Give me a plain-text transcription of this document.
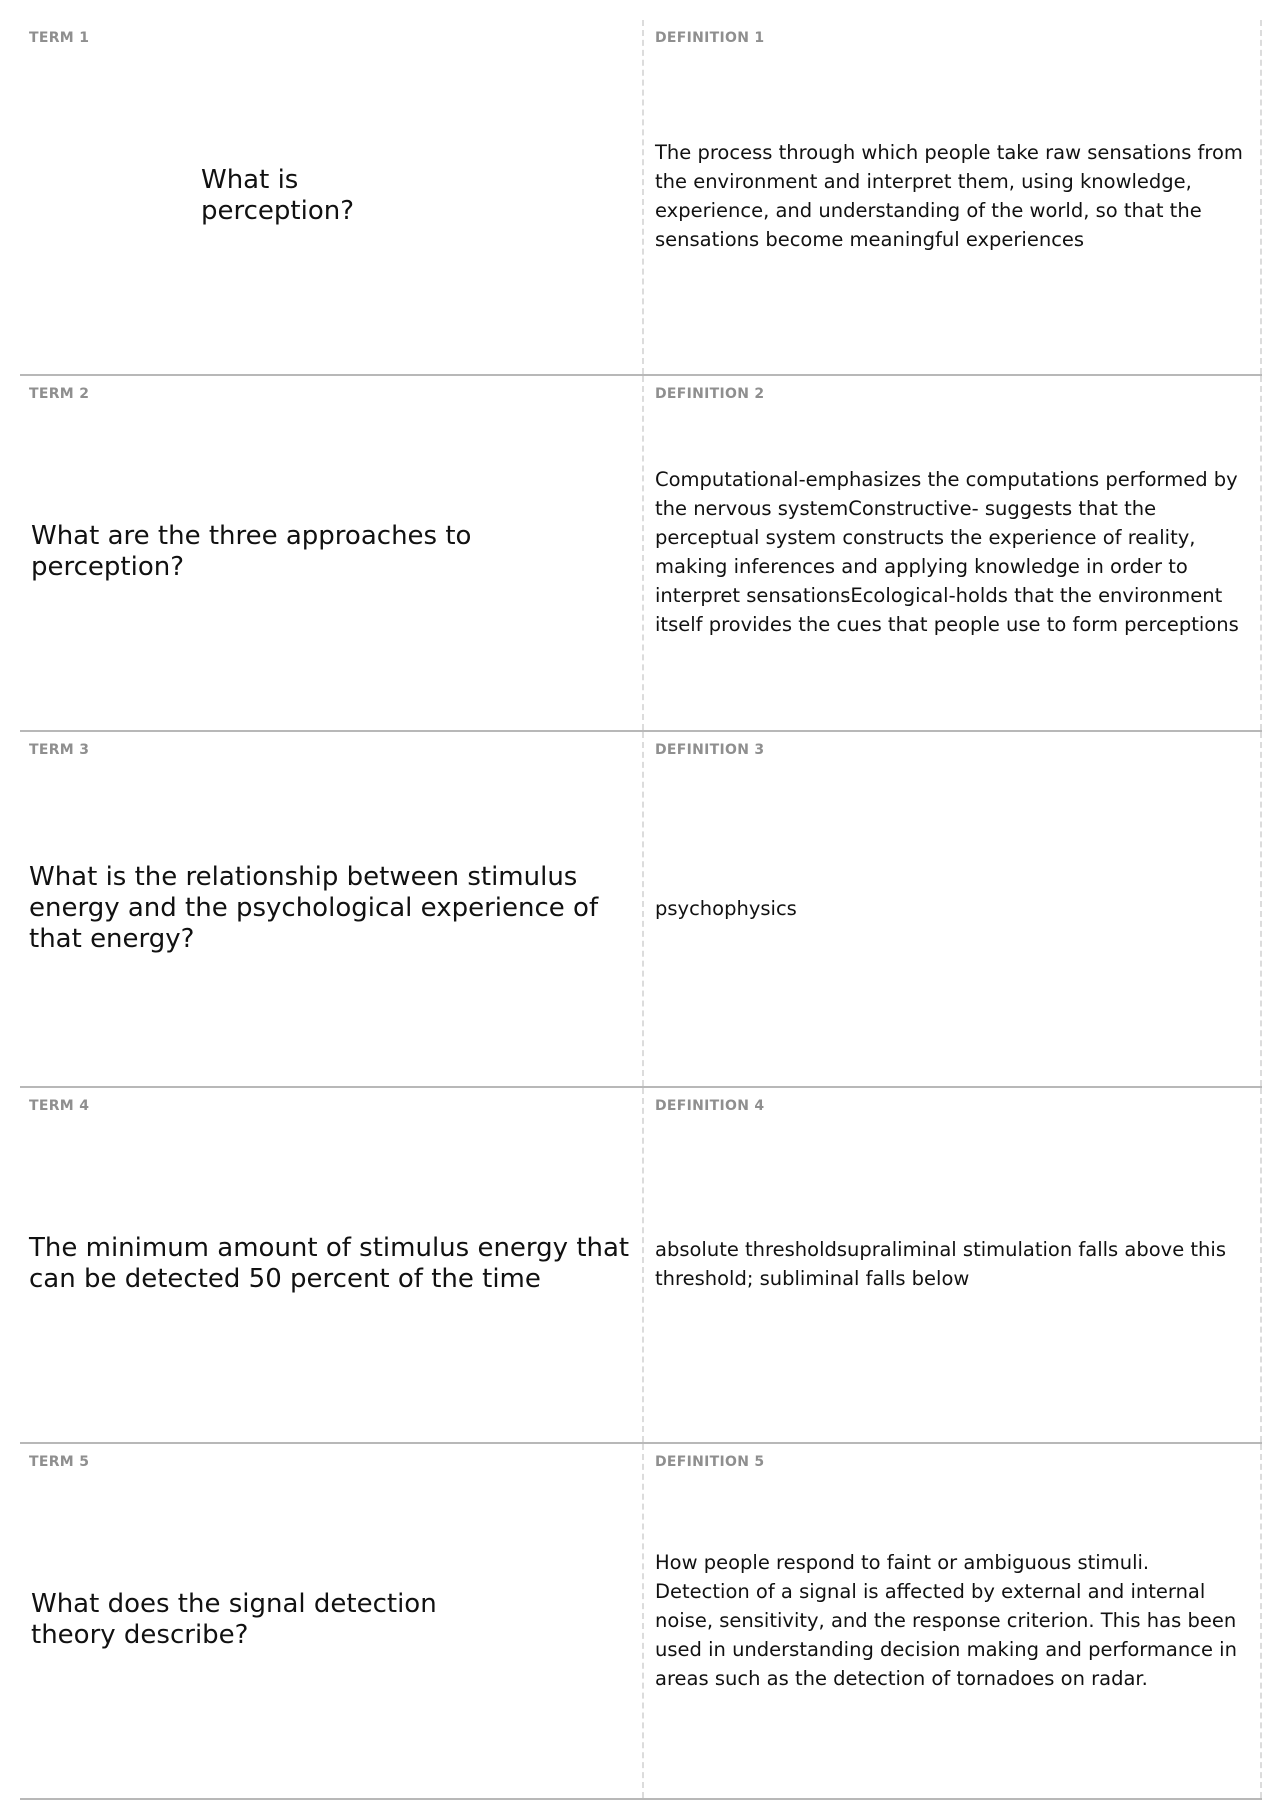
TERM 1
What is perception?
DEFINITION 1
The process through which people take raw sensations from the environment and interpret them, using knowledge, experience, and understanding of the world, so that the sensations become meaningful experiences
TERM 2
What are the three approaches to perception?
DEFINITION 2
Computational-emphasizes the computations performed by the nervous systemConstructive- suggests that the perceptual system constructs the experience of reality, making inferences and applying knowledge in order to interpret sensationsEcological-holds that the environment itself provides the cues that people use to form perceptions
TERM 3
What is the relationship between stimulus energy and the psychological experience of that energy?
DEFINITION 3
psychophysics
TERM 4
The minimum amount of stimulus energy that can be detected 50 percent of the time
DEFINITION 4
absolute thresholdsupraliminal stimulation falls above this threshold; subliminal falls below
TERM 5
What does the signal detection theory describe?
DEFINITION 5
How people respond to faint or ambiguous stimuli. Detection of a signal is affected by external and internal noise, sensitivity, and the response criterion. This has been used in understanding decision making and performance in areas such as the detection of tornadoes on radar.
